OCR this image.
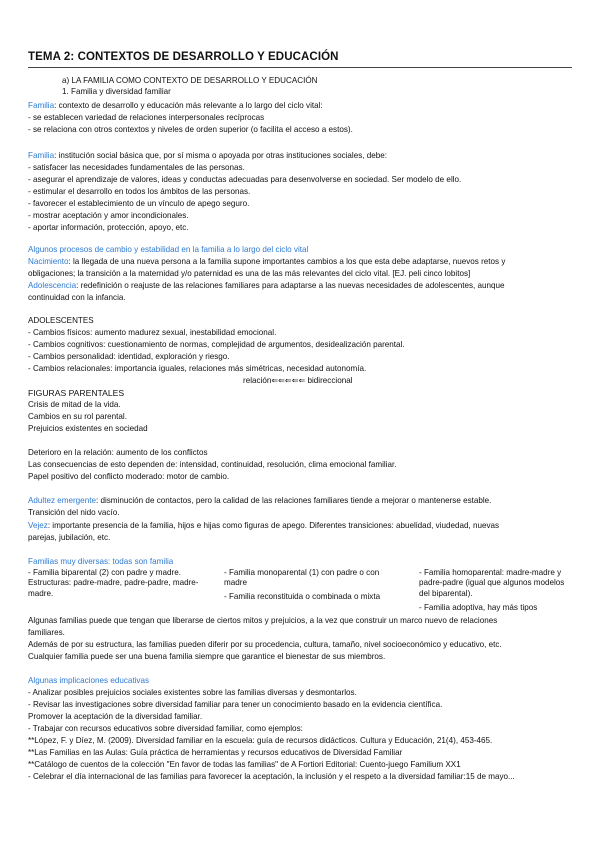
TEMA 2: CONTEXTOS DE DESARROLLO Y EDUCACIÓN
a) LA FAMILIA COMO CONTEXTO DE DESARROLLO Y EDUCACIÓN
1. Familia y diversidad familiar
Familia: contexto de desarrollo y educación más relevante a lo largo del ciclo vital:
- se establecen variedad de relaciones interpersonales recíprocas
- se relaciona con otros contextos y niveles de orden superior (o facilita el acceso a estos).
Familia: institución social básica que, por sí misma o apoyada por otras instituciones sociales, debe:
- satisfacer las necesidades fundamentales de las personas.
- asegurar el aprendizaje de valores, ideas y conductas adecuadas para desenvolverse en sociedad. Ser modelo de ello.
- estimular el desarrollo en todos los ámbitos de las personas.
- favorecer el establecimiento de un vínculo de apego seguro.
- mostrar aceptación y amor incondicionales.
- aportar información, protección, apoyo, etc.
Algunos procesos de cambio y estabilidad en la familia a lo largo del ciclo vital
Nacimiento: la llegada de una nueva persona a la familia supone importantes cambios a los que esta debe adaptarse, nuevos retos y
obligaciones; la transición a la maternidad y/o paternidad es una de las más relevantes del ciclo vital. [EJ. peli cinco lobitos]
Adolescencia: redefinición o reajuste de las relaciones familiares para adaptarse a las nuevas necesidades de adolescentes, aunque
continuidad con la infancia.
ADOLESCENTES
- Cambios físicos: aumento madurez sexual, inestabilidad emocional.
- Cambios cognitivos: cuestionamiento de normas, complejidad de argumentos, desidealización parental.
- Cambios personalidad: identidad, exploración y riesgo.
- Cambios relacionales: importancia iguales, relaciones más simétricas, necesidad autonomía.
relación⇐⇐⇐⇐⇐ bidireccional
FIGURAS PARENTALES
Crisis de mitad de la vida.
Cambios en su rol parental.
Prejuicios existentes en sociedad
Deterioro en la relación: aumento de los conflictos
Las consecuencias de esto dependen de: intensidad, continuidad, resolución, clima emocional familiar.
Papel positivo del conflicto moderado: motor de cambio.
Adultez emergente: disminución de contactos, pero la calidad de las relaciones familiares tiende a mejorar o mantenerse estable.
Transición del nido vacío.
Vejez: importante presencia de la familia, hijos e hijas como figuras de apego. Diferentes transiciones: abuelidad, viudedad, nuevas
parejas, jubilación, etc.
Familias muy diversas: todas son familia
- Familia biparental (2) con padre y madre. Estructuras: padre-madre, padre-padre, madre-madre.
- Familia monoparental (1) con padre o con madre
- Familia reconstituida o combinada o mixta
- Familia homoparental: madre-madre y padre-padre (igual que algunos modelos del biparental).
- Familia adoptiva, hay más tipos
Algunas familias puede que tengan que liberarse de ciertos mitos y prejuicios, a la vez que construir un marco nuevo de relaciones
familiares.
Además de por su estructura, las familias pueden diferir por su procedencia, cultura, tamaño, nivel socioeconómico y educativo, etc.
Cualquier familia puede ser una buena familia siempre que garantice el bienestar de sus miembros.
Algunas implicaciones educativas
- Analizar posibles prejuicios sociales existentes sobre las familias diversas y desmontarlos.
- Revisar las investigaciones sobre diversidad familiar para tener un conocimiento basado en la evidencia científica.
Promover la aceptación de la diversidad familiar.
- Trabajar con recursos educativos sobre diversidad familiar, como ejemplos:
**López, F. y Díez, M. (2009). Diversidad familiar en la escuela: guía de recursos didácticos. Cultura y Educación, 21(4), 453-465.
**Las Familias en las Aulas: Guía práctica de herramientas y recursos educativos de Diversidad Familiar
**Catálogo de cuentos de la colección "En favor de todas las familias" de A Fortiori Editorial: Cuento-juego Familium XX1
- Celebrar el día internacional de las familias para favorecer la aceptación, la inclusión y el respeto a la diversidad familiar:15 de mayo...
